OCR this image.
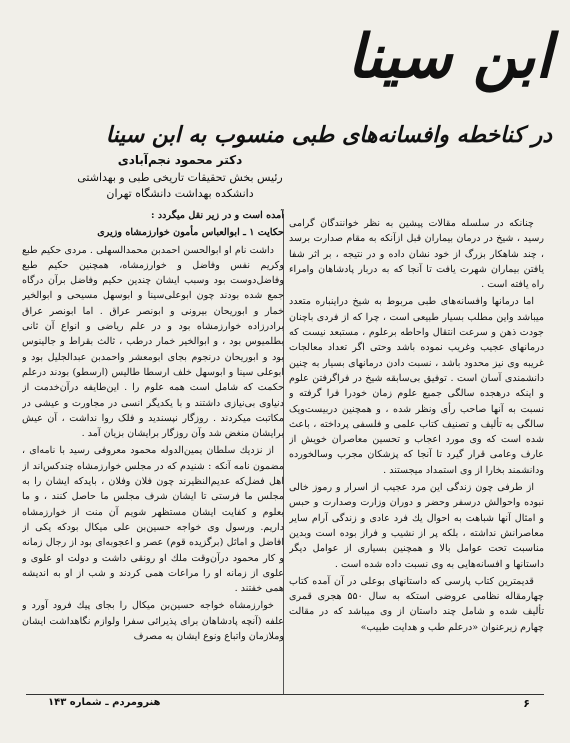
ابن سینا
در کناخطه وافسانه‌های طبی منسوب به ابن سینا
دکتر محمود نجم‌آبادی
رئیس بخش تحقیقات تاریخی طبی و بهداشتی
دانشکده بهداشت دانشگاه تهران

چنانکه در سلسله مقالات پیشین به نظر خوانندگان گرامی رسید ، شیخ در درمان بیماران قبل ازآنکه به مقام صدارت برسد ، چند شاهکار بزرگ از خود نشان داده و در نتیجه ، بر اثر شفا یافتن بیماران شهرت یافت تا آنجا که به دربار پادشاهان وامراء راه یافته است .

اما درمانها وافسانه‌های طبی مربوط به شیخ دراینباره متعدد میباشد واین مطلب بسیار طبیعی است ، چرا که از فردی باچنان جودت ذهن و سرعت انتقال واحاطه برعلوم ، مستبعد نیست که درمانهای عجیب وغریب نموده باشد وحتی اگر تعداد معالجات غریبه وی نیز محدود باشد ، نسبت دادن درمانهای بسیار به چنین دانشمندی آسان است . توفیق بی‌سابقه شیخ در فراگرفتن علوم و اینکه درهجده سالگی جمیع علوم زمان خودرا فرا گرفته و نسبت به آنها صاحب رأی ونظر شده ، و همچنین دربیست‌ویک سالگی به تألیف و تصنیف کتاب علمی و فلسفی پرداخته ، باعث شده است که وی مورد اعجاب و تحسین معاصران خویش از عارف وعامی قرار گیرد تا آنجا که پزشکان مجرب وسالخورده ودانشمند بخارا از وی استمداد میجستند .

از طرفی چون زندگی این مرد عجیب از اسرار و رموز خالی نبوده واحوالش درسفر وحضر و دوران وزارت وصدارت و حبس و امثال آنها شباهت به احوال یك فرد عادی و زندگی آرام سایر معاصرانش نداشته ، بلکه پر از نشیب و فراز بوده است وبدین مناسبت تحت عوامل بالا و همچنین بسیاری از عوامل دیگر داستانها و افسانه‌هایی به وی نسبت داده شده است .

قدیمترین کتاب پارسی که داستانهای بوعلی در آن آمده کتاب چهارمقاله نظامی عروضی استکه به سال ۵۵۰ هجری قمری تألیف شده و شامل چند داستان از وی میباشد که در مقالت چهارم زیرعنوان «درعلم طب و هدایت طبیب»

آمده است و در زیر نقل میگردد :

حکایت ۱ ـ ابوالعباس مأمون خوارزمشاه وزیری

داشت نام او ابوالحسن احمدبن محمدالسهلی . مردی حکیم طبع وکریم نفس وفاضل و خوارزمشاه، همچنین حکیم طبع وفاضل‌دوست بود وسبب ایشان چندین حکیم وفاضل برآن درگاه جمع شده بودند چون ابوعلی‌سینا و ابوسهل مسیحی و ابوالخیر خمار و ابوریحان بیرونی و ابونصر عراق . اما ابونصر عراق برادرزاده خوارزمشاه بود و در علم ریاضی و انواع آن ثانی بطلمیوس بود ، و ابوالخیر خمار درطب ، ثالث بقراط و جالینوس بود و ابوریحان درنجوم بجای ابومعشر واحمدبن عبدالجلیل بود و ابوعلی سینا و ابوسهل خلف ارسطا طالیس (ارسطو) بودند درعلم حکمت که شامل است همه علوم را . این‌طایفه درآن‌خدمت از دنیاوی بی‌نیازی داشتند و با یکدیگر انسی در مجاورت و عیشی در مکاتبت میکردند . روزگار نپسندید و فلک روا نداشت ، آن عیش برایشان منغض شد وآن روزگار برایشان بزیان آمد .

از نزدیك سلطان یمین‌الدوله محمود معروفی رسید با نامه‌ای ، مضمون نامه آنکه : شنیدم که در مجلس خوارزمشاه چندکس‌اند از اهل فضل‌که عدیم‌النظیرند چون فلان وفلان ، بایدکه ایشان را به مجلس ما فرستی تا ایشان شرف مجلس ما حاصل کنند ، و ما بعلوم و کفایت ایشان مستظهر شویم آن منت از خوارزمشاه داریم. ورسول وی خواجه حسین‌بن علی میکال بودکه یکی از افاضل و اماثل (برگزیده قوم) عصر و اعجوبه‌ای بود از رجال زمانه و کار محمود درآن‌وقت ملك او رونقی داشت و دولت او علوی و علوی از زمانه او را مراعات همی کردند و شب از او به اندیشه همی خفتند .

خوارزمشاه خواجه حسین‌بن میکال را بجای پیك فرود آورد و علفه (آنچه پادشاهان برای پذیرائی سفرا ولوازم نگاهداشت ایشان وملازمان واتباع ونوع ایشان به مصرف

هنرومردم ـ شماره ۱۴۳	۶
